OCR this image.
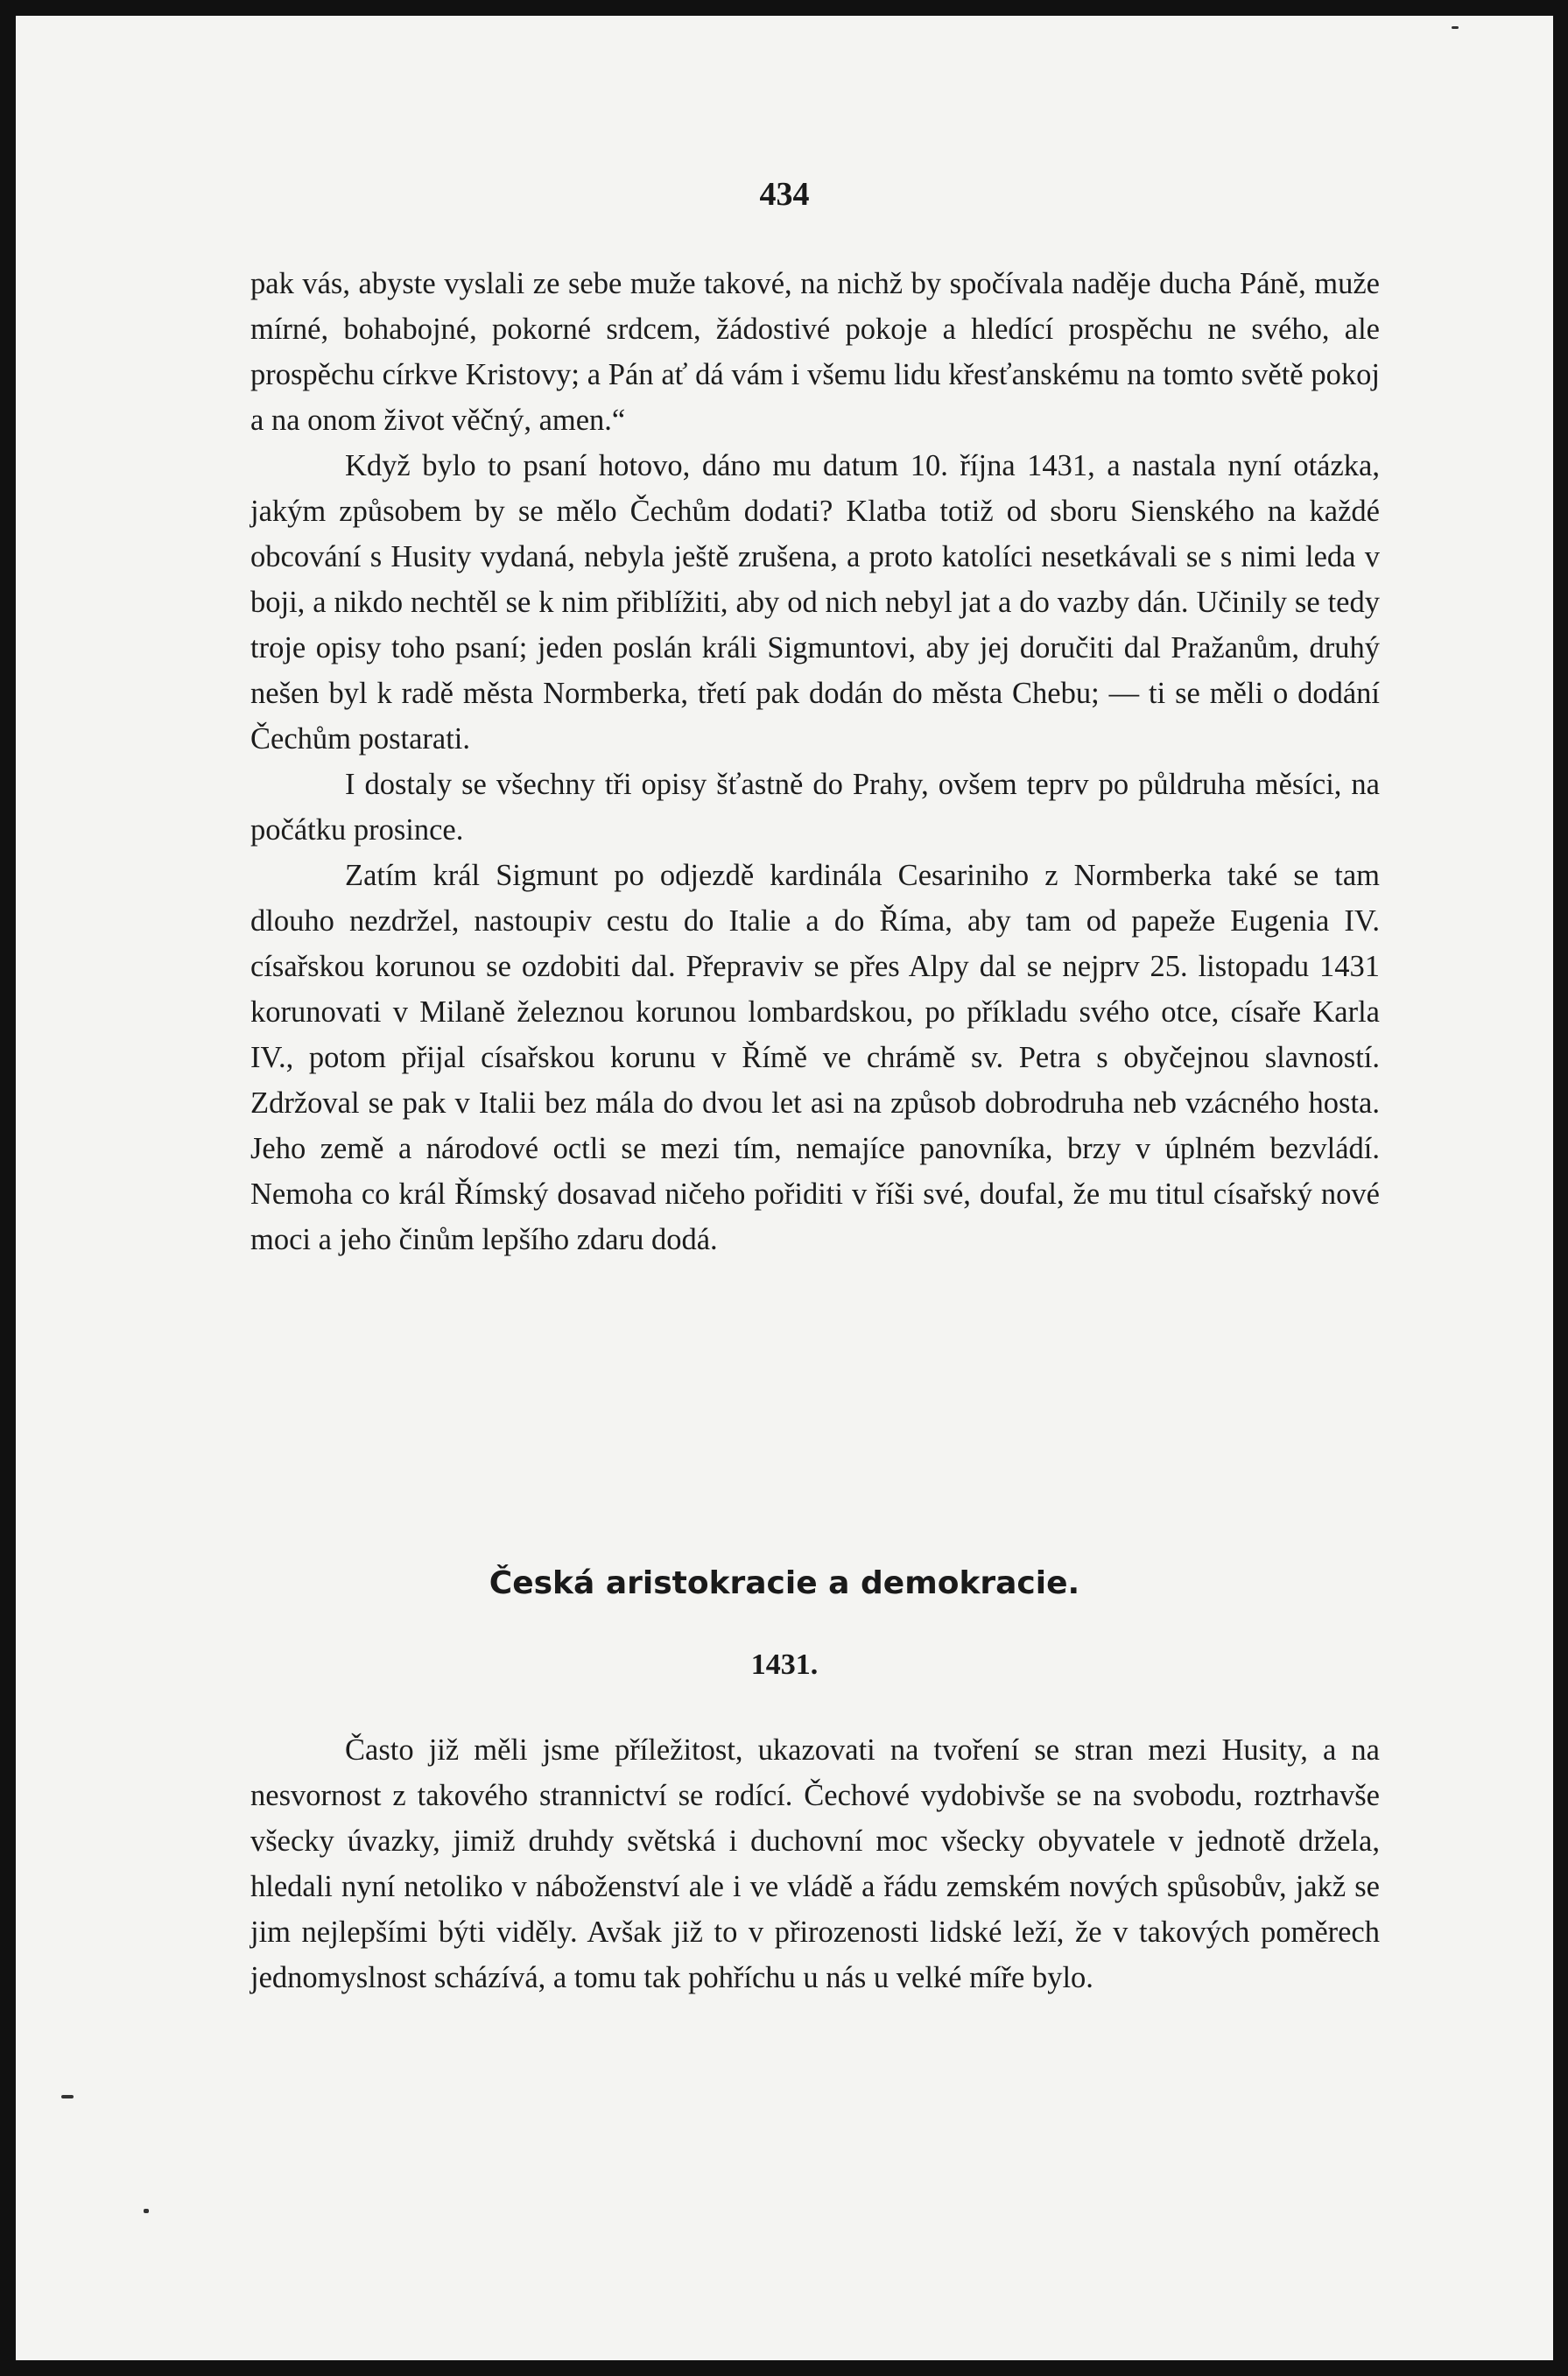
434

pak vás, abyste vyslali ze sebe muže takové, na nichž by spočívala naděje ducha Páně, muže mírné, bohabojné, pokorné srdcem, žádostivé pokoje a hledící prospěchu ne svého, ale prospěchu církve Kristovy; a Pán ať dá vám i všemu lidu křesťanskému na tomto světě pokoj a na onom život věčný, amen.“

Když bylo to psaní hotovo, dáno mu datum 10. října 1431, a nastala nyní otázka, jakým způsobem by se mělo Čechům dodati? Klatba totiž od sboru Sienského na každé obcování s Husity vydaná, nebyla ještě zrušena, a proto katolíci nesetkávali se s nimi leda v boji, a nikdo nechtěl se k nim přiblížiti, aby od nich nebyl jat a do vazby dán. Učinily se tedy troje opisy toho psaní; jeden poslán králi Sigmuntovi, aby jej doručiti dal Pražanům, druhý nešen byl k radě města Normberka, třetí pak dodán do města Chebu; — ti se měli o dodání Čechům postarati.

I dostaly se všechny tři opisy šťastně do Prahy, ovšem teprv po půldruha měsíci, na počátku prosince.

Zatím král Sigmunt po odjezdě kardinála Cesariniho z Normberka také se tam dlouho nezdržel, nastoupiv cestu do Italie a do Říma, aby tam od papeže Eugenia IV. císařskou korunou se ozdobiti dal. Přepraviv se přes Alpy dal se nejprv 25. listopadu 1431 korunovati v Milaně železnou korunou lombardskou, po příkladu svého otce, císaře Karla IV., potom přijal císařskou korunu v Římě ve chrámě sv. Petra s obyčejnou slavností. Zdržoval se pak v Italii bez mála do dvou let asi na způsob dobrodruha neb vzácného hosta. Jeho země a národové octli se mezi tím, nemajíce panovníka, brzy v úplném bezvládí. Nemoha co král Římský dosavad ničeho pořiditi v říši své, doufal, že mu titul císařský nové moci a jeho činům lepšího zdaru dodá.

Česká aristokracie a demokracie.
1431.

Často již měli jsme příležitost, ukazovati na tvoření se stran mezi Husity, a na nesvornost z takového strannictví se rodící. Čechové vydobivše se na svobodu, roztrhavše všecky úvazky, jimiž druhdy světská i duchovní moc všecky obyvatele v jednotě držela, hledali nyní netoliko v náboženství ale i ve vládě a řádu zemském nových spůsobův, jakž se jim nejlepšími býti viděly. Avšak již to v přirozenosti lidské leží, že v takových poměrech jednomyslnost scházívá, a tomu tak pohříchu u nás u velké míře bylo.
